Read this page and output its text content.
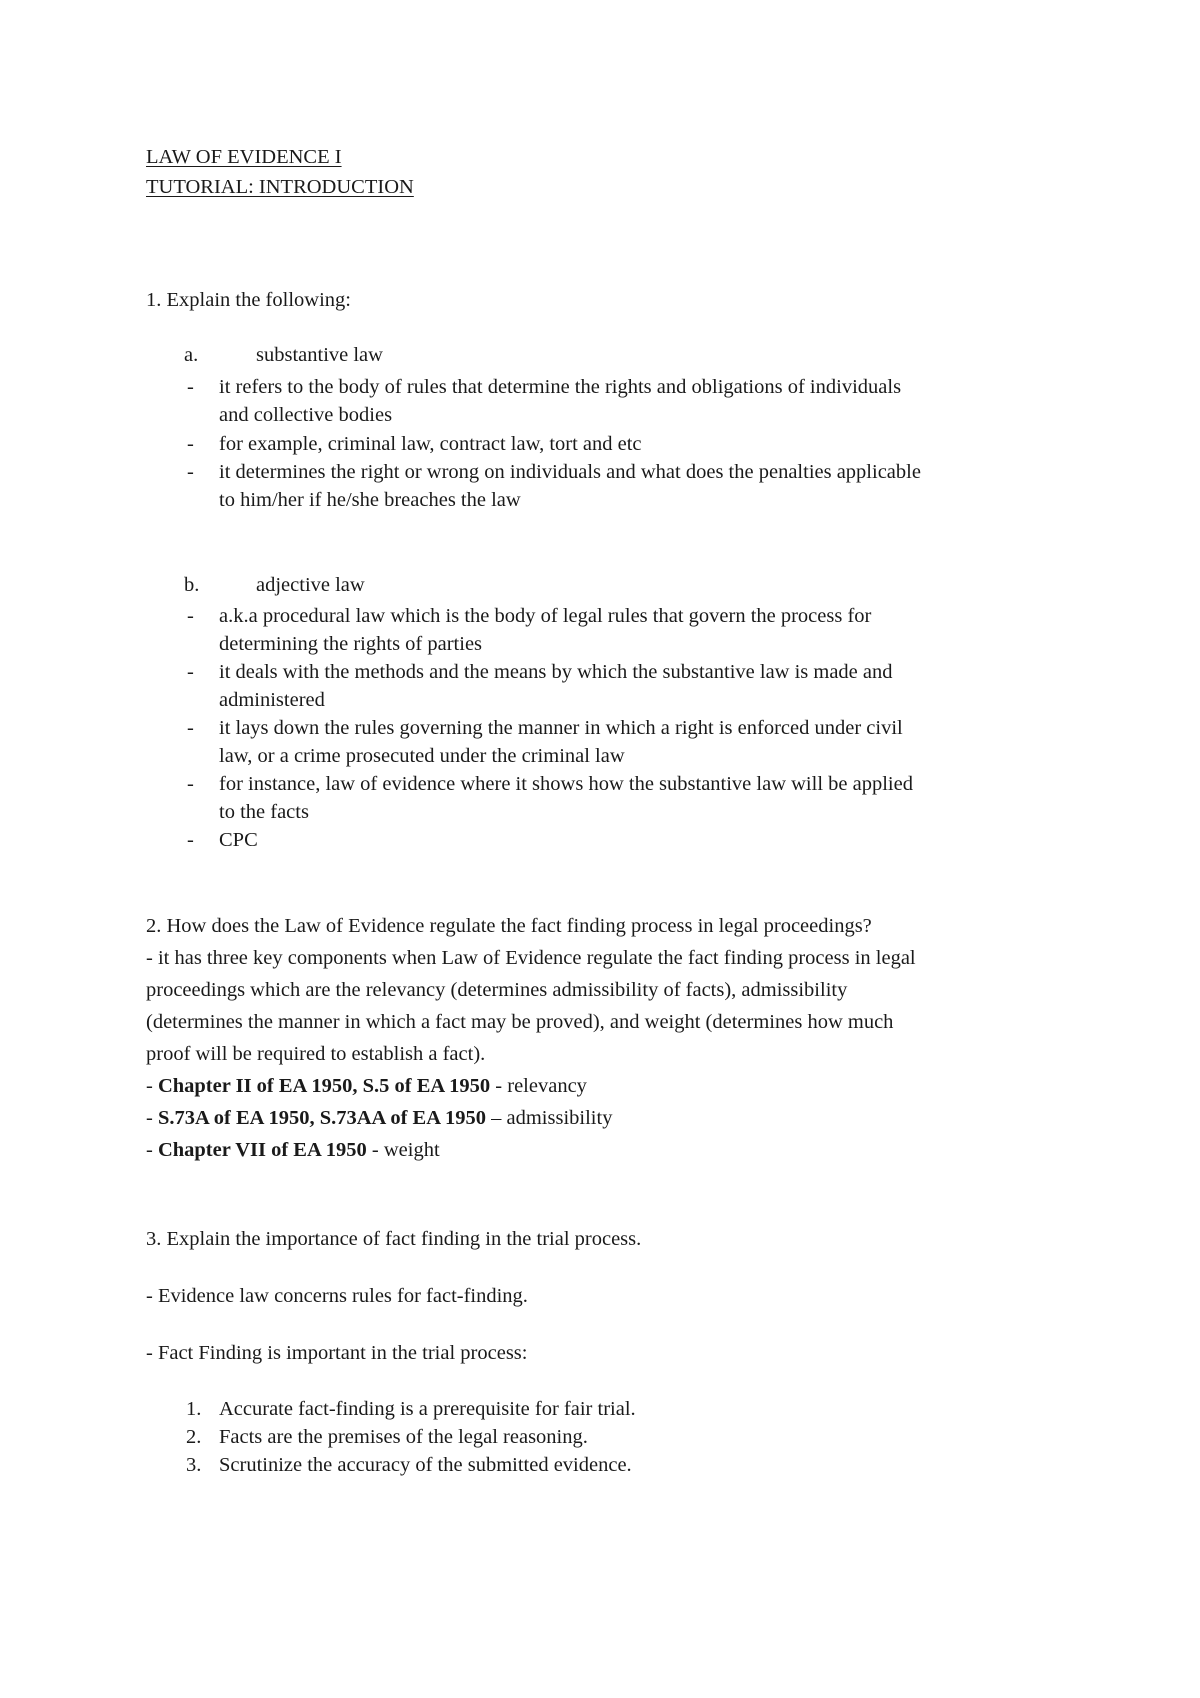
LAW OF EVIDENCE I
TUTORIAL: INTRODUCTION
1. Explain the following:
a.	substantive law
- it refers to the body of rules that determine the rights and obligations of individuals
and collective bodies
- for example, criminal law, contract law, tort and etc
- it determines the right or wrong on individuals and what does the penalties applicable
to him/her if he/she breaches the law
b.	adjective law
- a.k.a procedural law which is the body of legal rules that govern the process for
determining the rights of parties
- it deals with the methods and the means by which the substantive law is made and
administered
- it lays down the rules governing the manner in which a right is enforced under civil
law, or a crime prosecuted under the criminal law
- for instance, law of evidence where it shows how the substantive law will be applied
to the facts
- CPC
2. How does the Law of Evidence regulate the fact finding process in legal proceedings?
- it has three key components when Law of Evidence regulate the fact finding process in legal
proceedings which are the relevancy (determines admissibility of facts), admissibility
(determines the manner in which a fact may be proved), and weight (determines how much
proof will be required to establish a fact).
- Chapter II of EA 1950, S.5 of EA 1950 - relevancy
- S.73A of EA 1950, S.73AA of EA 1950 – admissibility
- Chapter VII of EA 1950 - weight
3. Explain the importance of fact finding in the trial process.
- Evidence law concerns rules for fact-finding.
- Fact Finding is important in the trial process:
1. Accurate fact-finding is a prerequisite for fair trial.
2. Facts are the premises of the legal reasoning.
3. Scrutinize the accuracy of the submitted evidence.
